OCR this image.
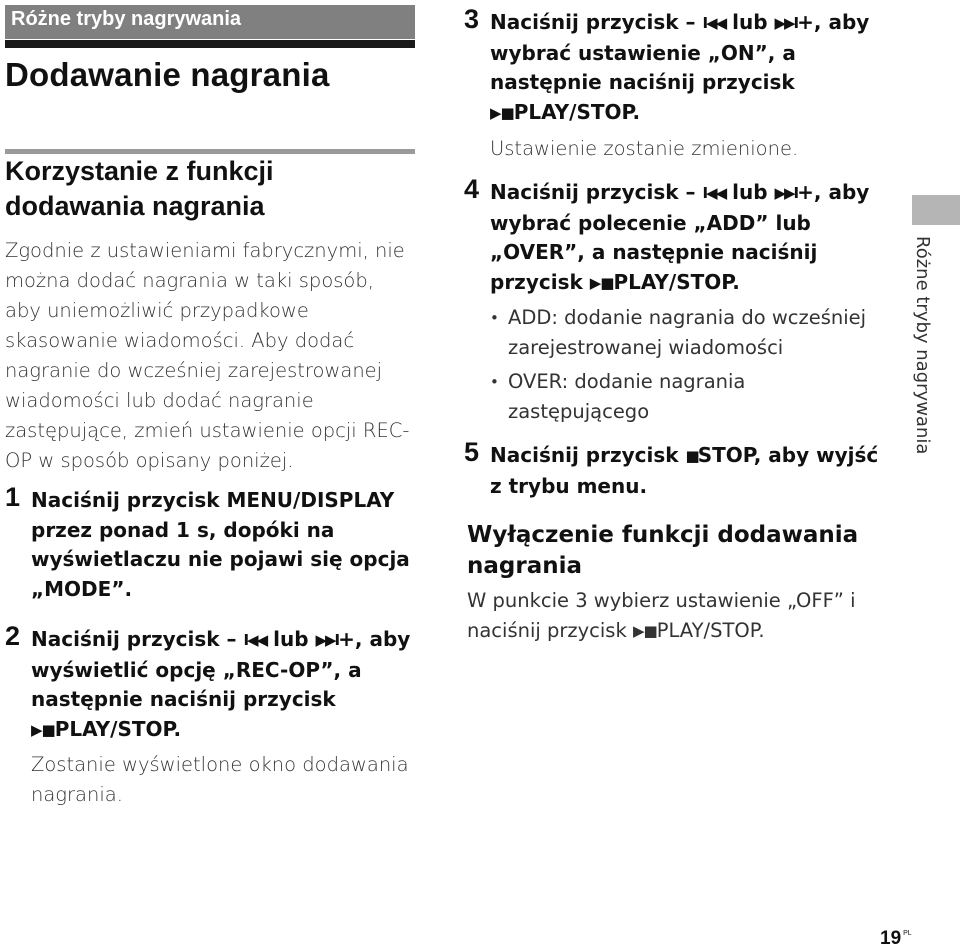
Różne tryby nagrywania
Dodawanie nagrania
Korzystanie z funkcji dodawania nagrania
Zgodnie z ustawieniami fabrycznymi, nie można dodać nagrania w taki sposób, aby uniemożliwić przypadkowe skasowanie wiadomości. Aby dodać nagranie do wcześniej zarejestrowanej wiadomości lub dodać nagranie zastępujące, zmień ustawienie opcji REC-OP w sposób opisany poniżej.
1 Naciśnij przycisk MENU/DISPLAY przez ponad 1 s, dopóki na wyświetlaczu nie pojawi się opcja „MODE”.
2 Naciśnij przycisk – I◀◀ lub ▶▶I+, aby wyświetlić opcję „REC-OP”, a następnie naciśnij przycisk ▶■PLAY/STOP.
Zostanie wyświetlone okno dodawania nagrania.
3 Naciśnij przycisk – I◀◀ lub ▶▶I+, aby wybrać ustawienie „ON”, a następnie naciśnij przycisk ▶■PLAY/STOP.
Ustawienie zostanie zmienione.
4 Naciśnij przycisk – I◀◀ lub ▶▶I+, aby wybrać polecenie „ADD” lub „OVER”, a następnie naciśnij przycisk ▶■PLAY/STOP.
• ADD: dodanie nagrania do wcześniej zarejestrowanej wiadomości
• OVER: dodanie nagrania zastępującego
5 Naciśnij przycisk ■STOP, aby wyjść z trybu menu.
Wyłączenie funkcji dodawania nagrania
W punkcie 3 wybierz ustawienie „OFF” i naciśnij przycisk ▶■PLAY/STOP.
Różne tryby nagrywania
19 $^{PL}$
